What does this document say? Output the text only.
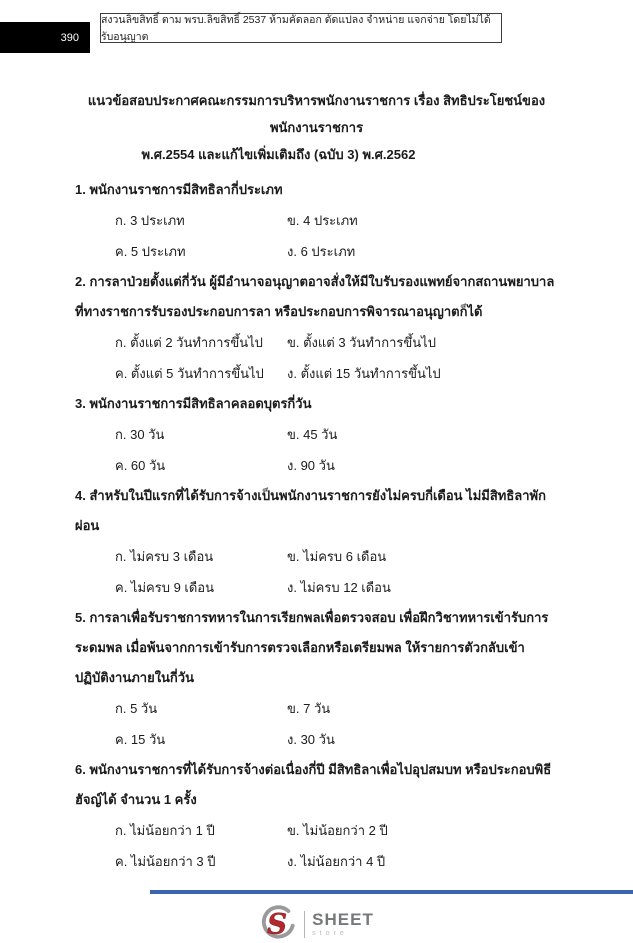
390
สงวนลิขสิทธิ์ ตาม พรบ.ลิขสิทธิ์ 2537 ห้ามคัดลอก ดัดแปลง จำหน่าย แจกจ่าย โดยไม่ได้รับอนุญาต
แนวข้อสอบประกาศคณะกรรมการบริหารพนักงานราชการ เรื่อง สิทธิประโยชน์ของพนักงานราชการ
พ.ศ.2554 และแก้ไขเพิ่มเติมถึง (ฉบับ 3) พ.ศ.2562
1. พนักงานราชการมีสิทธิลากี่ประเภท
ก. 3 ประเภท	ข. 4 ประเภท
ค. 5 ประเภท	ง. 6 ประเภท
2. การลาป่วยตั้งแต่กี่วัน ผู้มีอำนาจอนุญาตอาจสั่งให้มีใบรับรองแพทย์จากสถานพยาบาลที่ทางราชการรับรองประกอบการลา หรือประกอบการพิจารณาอนุญาตก็ได้
ก. ตั้งแต่ 2 วันทำการขึ้นไป	ข. ตั้งแต่ 3 วันทำการขึ้นไป
ค. ตั้งแต่ 5 วันทำการขึ้นไป	ง. ตั้งแต่ 15 วันทำการขึ้นไป
3. พนักงานราชการมีสิทธิลาคลอดบุตรกี่วัน
ก. 30 วัน	ข. 45 วัน
ค. 60 วัน	ง. 90 วัน
4. สำหรับในปีแรกที่ได้รับการจ้างเป็นพนักงานราชการยังไม่ครบกี่เดือน ไม่มีสิทธิลาพักผ่อน
ก. ไม่ครบ 3 เดือน	ข. ไม่ครบ 6 เดือน
ค. ไม่ครบ 9 เดือน	ง. ไม่ครบ 12 เดือน
5. การลาเพื่อรับราชการทหารในการเรียกพลเพื่อตรวจสอบ เพื่อฝึกวิชาทหารเข้ารับการระดมพล เมื่อพ้นจากการเข้ารับการตรวจเลือกหรือเตรียมพล ให้รายการตัวกลับเข้าปฏิบัติงานภายในกี่วัน
ก. 5 วัน	ข. 7 วัน
ค. 15 วัน	ง. 30 วัน
6. พนักงานราชการที่ได้รับการจ้างต่อเนื่องกี่ปี มีสิทธิลาเพื่อไปอุปสมบท หรือประกอบพิธีฮัจญ์ได้ จำนวน 1 ครั้ง
ก. ไม่น้อยกว่า 1 ปี	ข. ไม่น้อยกว่า 2 ปี
ค. ไม่น้อยกว่า 3 ปี	ง. ไม่น้อยกว่า 4 ปี
S SHEET
store
